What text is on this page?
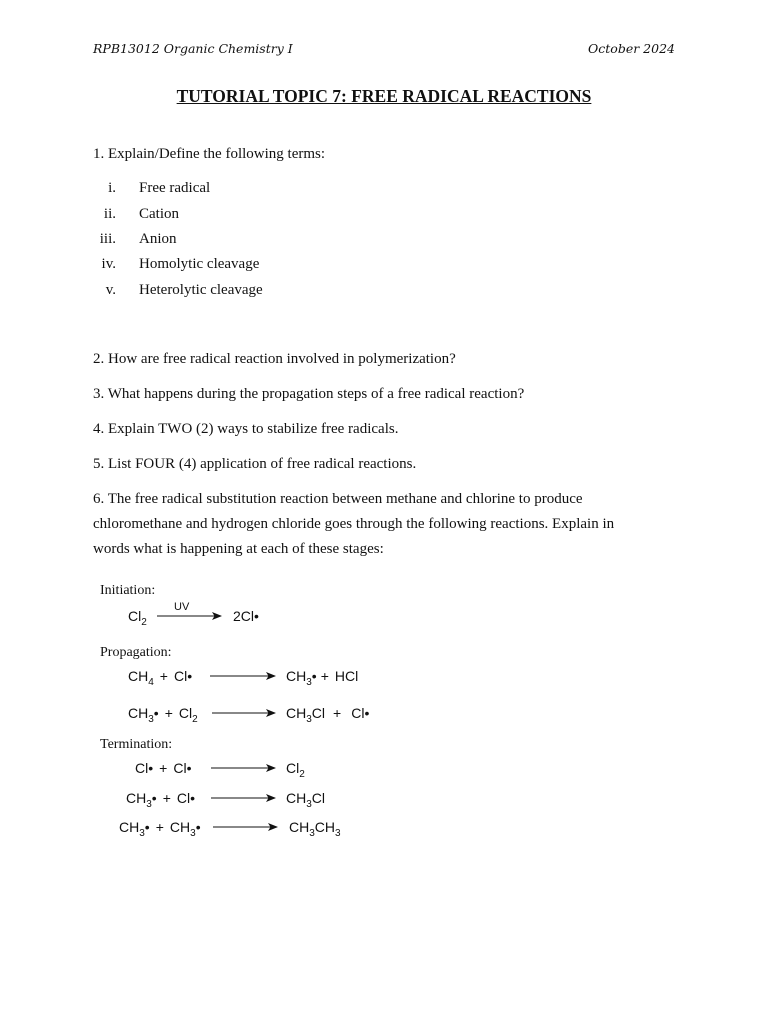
RPB13012 Organic Chemistry I	October 2024
TUTORIAL TOPIC 7: FREE RADICAL REACTIONS
1. Explain/Define the following terms:
i. Free radical
ii. Cation
iii. Anion
iv. Homolytic cleavage
v. Heterolytic cleavage
2. How are free radical reaction involved in polymerization?
3. What happens during the propagation steps of a free radical reaction?
4. Explain TWO (2) ways to stabilize free radicals.
5. List FOUR (4) application of free radical reactions.
6. The free radical substitution reaction between methane and chlorine to produce
chloromethane and hydrogen chloride goes through the following reactions. Explain in
words what is happening at each of these stages:
Initiation:
$Cl_2$
UV
2Cl•
Propagation:
$CH_4$ + Cl•	$CH_3•$ + HCl
$CH_3• + Cl_2$	$CH_3Cl$ + Cl•
Termination:
Cl• + Cl•	$Cl_2$
$CH_3•$ + Cl•	$CH_3Cl$
$CH_3•$ + $CH_3•$	$CH_3CH_3$
